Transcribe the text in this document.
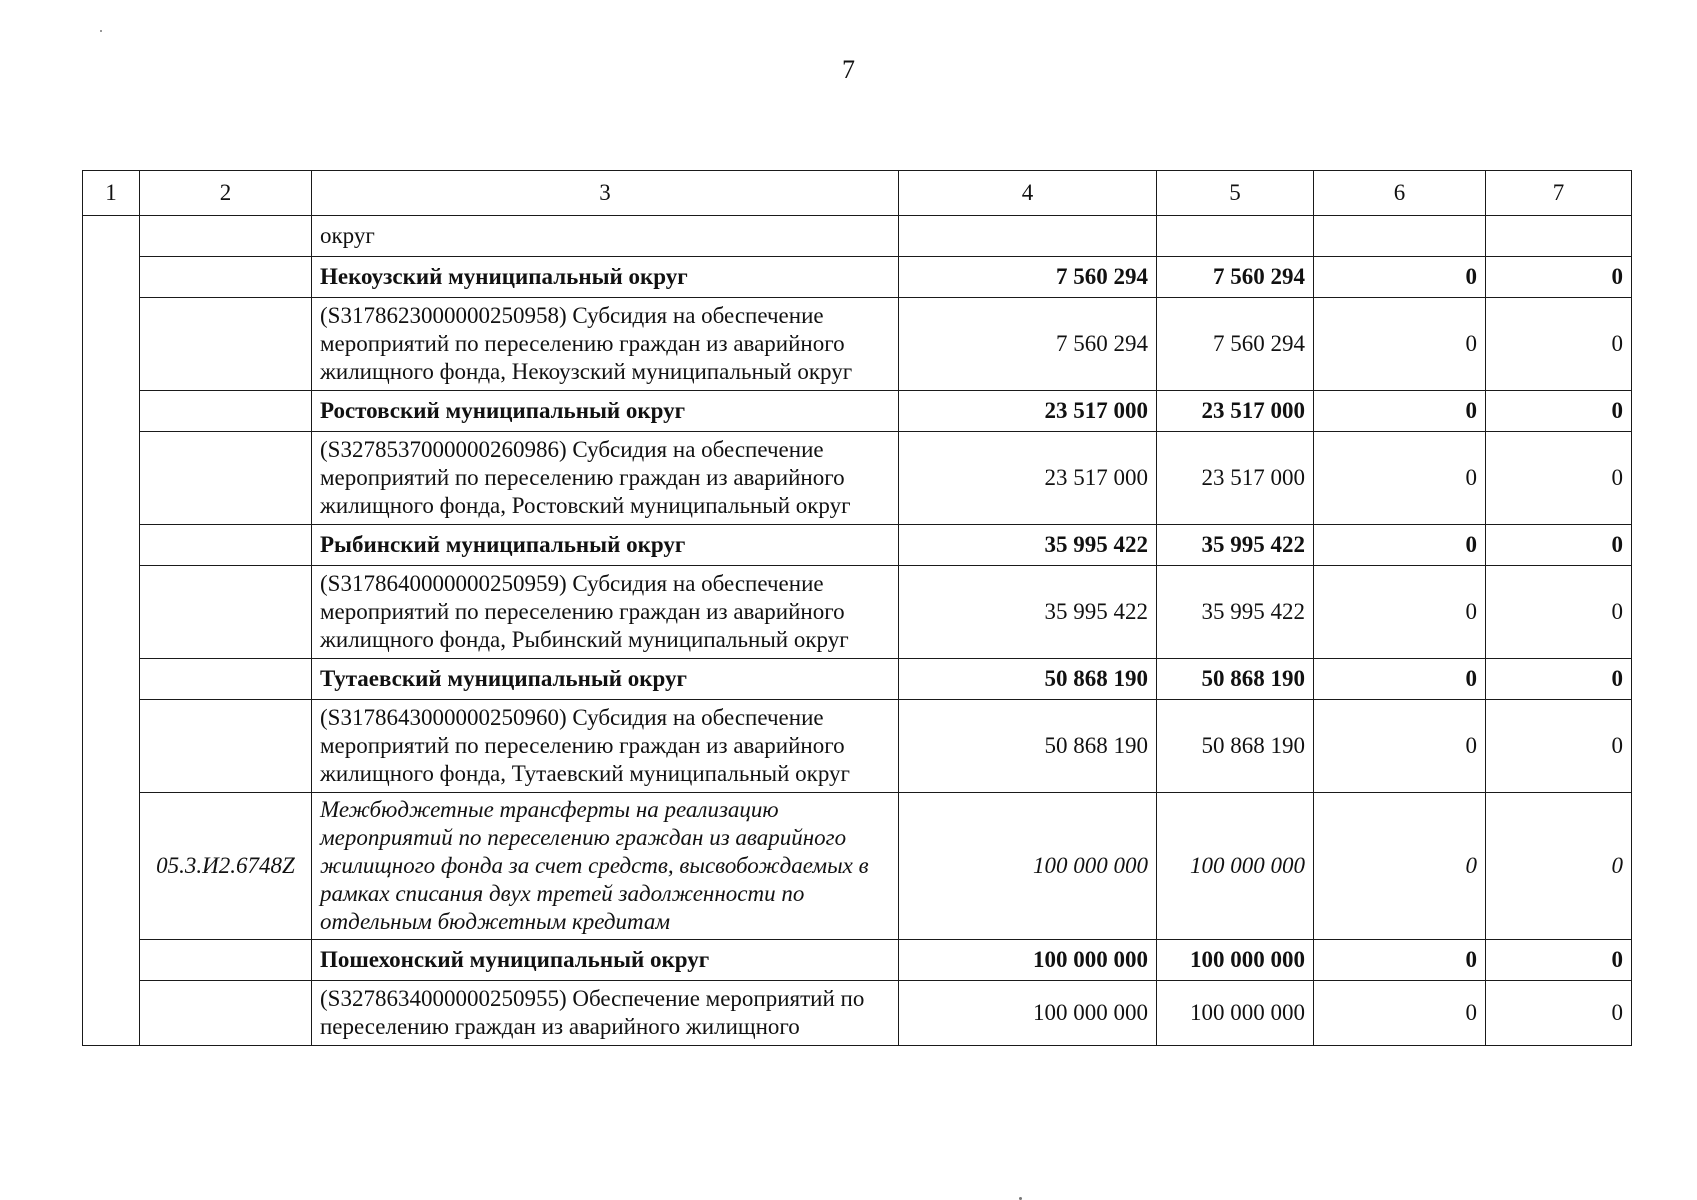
7
1	2	3	4	5	6	7
		округ				
		Некоузский муниципальный округ	7 560 294	7 560 294	0	0
		(S3178623000000250958) Субсидия на обеспечение мероприятий по переселению граждан из аварийного жилищного фонда, Некоузский муниципальный округ	7 560 294	7 560 294	0	0
		Ростовский муниципальный округ	23 517 000	23 517 000	0	0
		(S3278537000000260986) Субсидия на обеспечение мероприятий по переселению граждан из аварийного жилищного фонда, Ростовский муниципальный округ	23 517 000	23 517 000	0	0
		Рыбинский муниципальный округ	35 995 422	35 995 422	0	0
		(S3178640000000250959) Субсидия на обеспечение мероприятий по переселению граждан из аварийного жилищного фонда, Рыбинский муниципальный округ	35 995 422	35 995 422	0	0
		Тутаевский муниципальный округ	50 868 190	50 868 190	0	0
		(S3178643000000250960) Субсидия на обеспечение мероприятий по переселению граждан из аварийного жилищного фонда, Тутаевский муниципальный округ	50 868 190	50 868 190	0	0
	05.3.И2.6748Z	Межбюджетные трансферты на реализацию мероприятий по переселению граждан из аварийного жилищного фонда за счет средств, высвобождаемых в рамках списания двух третей задолженности по отдельным бюджетным кредитам	100 000 000	100 000 000	0	0
		Пошехонский муниципальный округ	100 000 000	100 000 000	0	0
		(S3278634000000250955) Обеспечение мероприятий по переселению граждан из аварийного жилищного	100 000 000	100 000 000	0	0
